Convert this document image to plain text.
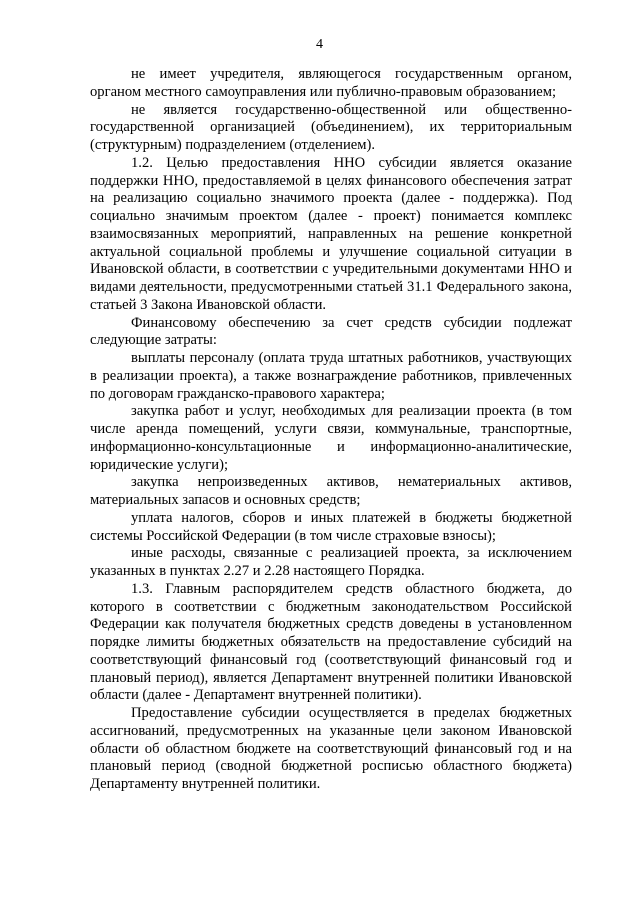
4

не имеет учредителя, являющегося государственным органом, органом местного самоуправления или публично-правовым образованием;

не является государственно-общественной или общественно-государственной организацией (объединением), их территориальным (структурным) подразделением (отделением).

1.2. Целью предоставления ННО субсидии является оказание поддержки ННО, предоставляемой в целях финансового обеспечения затрат на реализацию социально значимого проекта (далее - поддержка). Под социально значимым проектом (далее - проект) понимается комплекс взаимосвязанных мероприятий, направленных на решение конкретной актуальной социальной проблемы и улучшение социальной ситуации в Ивановской области, в соответствии с учредительными документами ННО и видами деятельности, предусмотренными статьей 31.1 Федерального закона, статьей 3 Закона Ивановской области.

Финансовому обеспечению за счет средств субсидии подлежат следующие затраты:

выплаты персоналу (оплата труда штатных работников, участвующих в реализации проекта), а также вознаграждение работников, привлеченных по договорам гражданско-правового характера;

закупка работ и услуг, необходимых для реализации проекта (в том числе аренда помещений, услуги связи, коммунальные, транспортные, информационно-консультационные и информационно-аналитические, юридические услуги);

закупка непроизведенных активов, нематериальных активов, материальных запасов и основных средств;

уплата налогов, сборов и иных платежей в бюджеты бюджетной системы Российской Федерации (в том числе страховые взносы);

иные расходы, связанные с реализацией проекта, за исключением указанных в пунктах 2.27 и 2.28 настоящего Порядка.

1.3. Главным распорядителем средств областного бюджета, до которого в соответствии с бюджетным законодательством Российской Федерации как получателя бюджетных средств доведены в установленном порядке лимиты бюджетных обязательств на предоставление субсидий на соответствующий финансовый год (соответствующий финансовый год и плановый период), является Департамент внутренней политики Ивановской области (далее - Департамент внутренней политики).

Предоставление субсидии осуществляется в пределах бюджетных ассигнований, предусмотренных на указанные цели законом Ивановской области об областном бюджете на соответствующий финансовый год и на плановый период (сводной бюджетной росписью областного бюджета) Департаменту внутренней политики.
